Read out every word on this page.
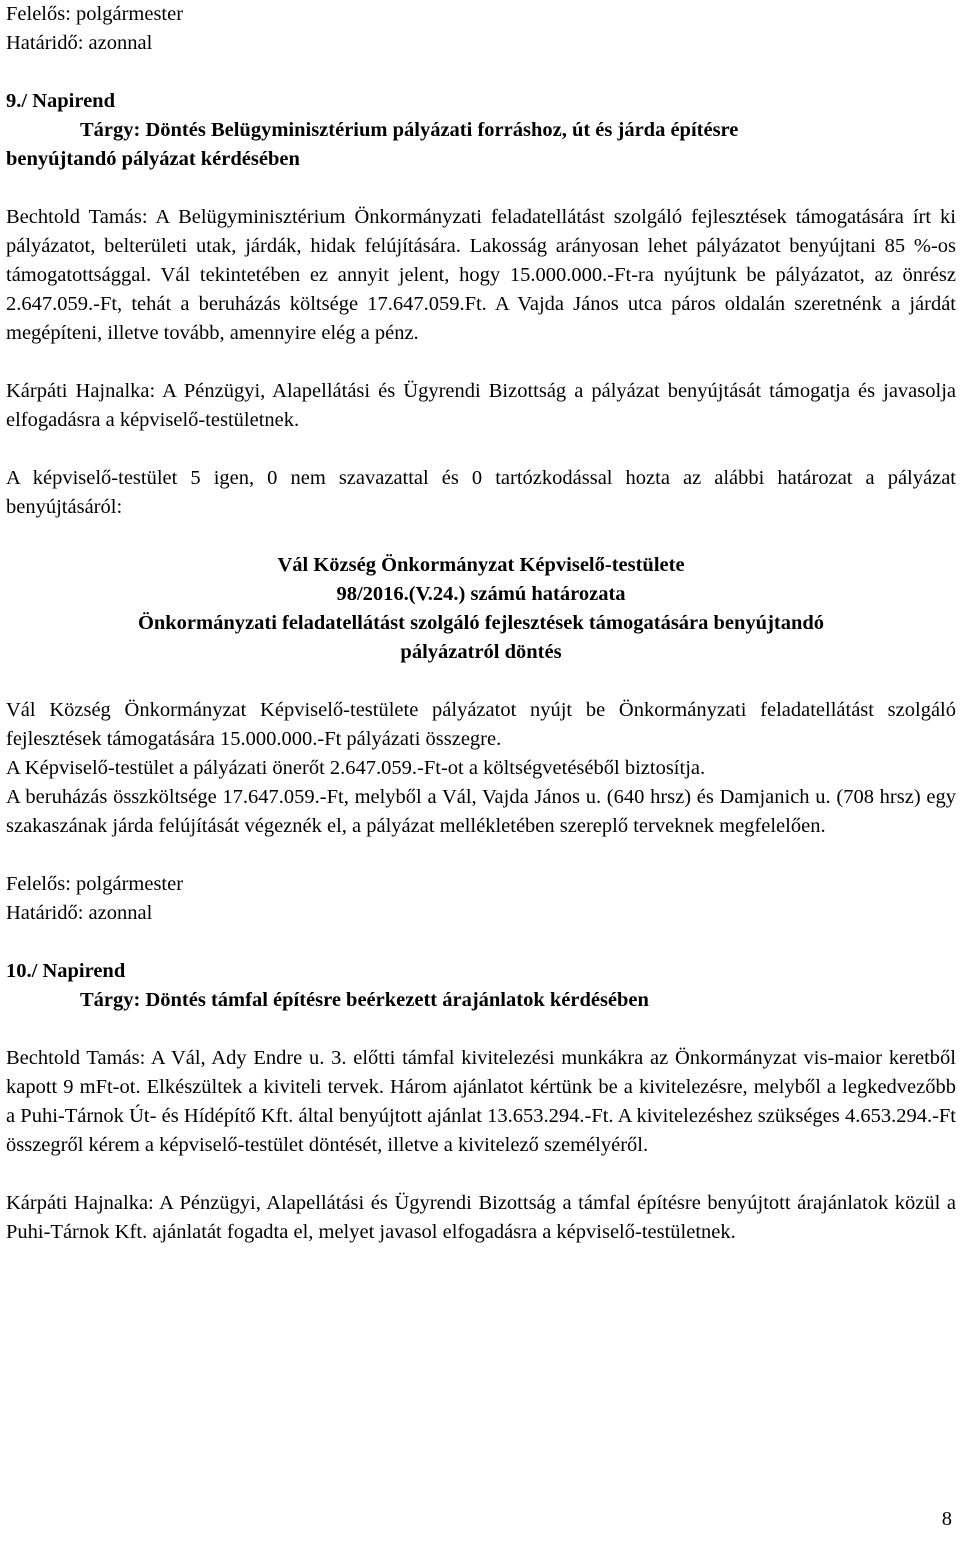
Felelős: polgármester

Határidő: azonnal

9./ Napirend

Tárgy: Döntés Belügyminisztérium pályázati forráshoz, út és járda építésre

benyújtandó pályázat kérdésében

Bechtold Tamás: A Belügyminisztérium Önkormányzati feladatellátást szolgáló fejlesztések támogatására írt ki pályázatot, belterületi utak, járdák, hidak felújítására. Lakosság arányosan lehet pályázatot benyújtani 85 %-os támogatottsággal. Vál tekintetében ez annyit jelent, hogy 15.000.000.-Ft-ra nyújtunk be pályázatot, az önrész 2.647.059.-Ft, tehát a beruházás költsége 17.647.059.Ft. A Vajda János utca páros oldalán szeretnénk a járdát megépíteni, illetve tovább, amennyire elég a pénz.

Kárpáti Hajnalka: A Pénzügyi, Alapellátási és Ügyrendi Bizottság a pályázat benyújtását támogatja és javasolja elfogadásra a képviselő-testületnek.

A képviselő-testület 5 igen, 0 nem szavazattal és 0 tartózkodással hozta az alábbi határozat a pályázat benyújtásáról:

Vál Község Önkormányzat Képviselő-testülete

98/2016.(V.24.) számú határozata

Önkormányzati feladatellátást szolgáló fejlesztések támogatására benyújtandó

pályázatról döntés

Vál Község Önkormányzat Képviselő-testülete pályázatot nyújt be Önkormányzati feladatellátást szolgáló fejlesztések támogatására 15.000.000.-Ft pályázati összegre.

A Képviselő-testület a pályázati önerőt 2.647.059.-Ft-ot a költségvetéséből biztosítja.

A beruházás összköltsége 17.647.059.-Ft, melyből a Vál, Vajda János u. (640 hrsz) és Damjanich u. (708 hrsz) egy szakaszának járda felújítását végeznék el, a pályázat mellékletében szereplő terveknek megfelelően.

Felelős: polgármester

Határidő: azonnal

10./ Napirend

Tárgy: Döntés támfal építésre beérkezett árajánlatok kérdésében

Bechtold Tamás: A Vál, Ady Endre u. 3. előtti támfal kivitelezési munkákra az Önkormányzat vis-maior keretből kapott 9 mFt-ot. Elkészültek a kiviteli tervek. Három ajánlatot kértünk be a kivitelezésre, melyből a legkedvezőbb a Puhi-Tárnok Út- és Hídépítő Kft. által benyújtott ajánlat 13.653.294.-Ft. A kivitelezéshez szükséges 4.653.294.-Ft összegről kérem a képviselő-testület döntését, illetve a kivitelező személyéről.

Kárpáti Hajnalka: A Pénzügyi, Alapellátási és Ügyrendi Bizottság a támfal építésre benyújtott árajánlatok közül a Puhi-Tárnok Kft. ajánlatát fogadta el, melyet javasol elfogadásra a képviselő-testületnek.

8
